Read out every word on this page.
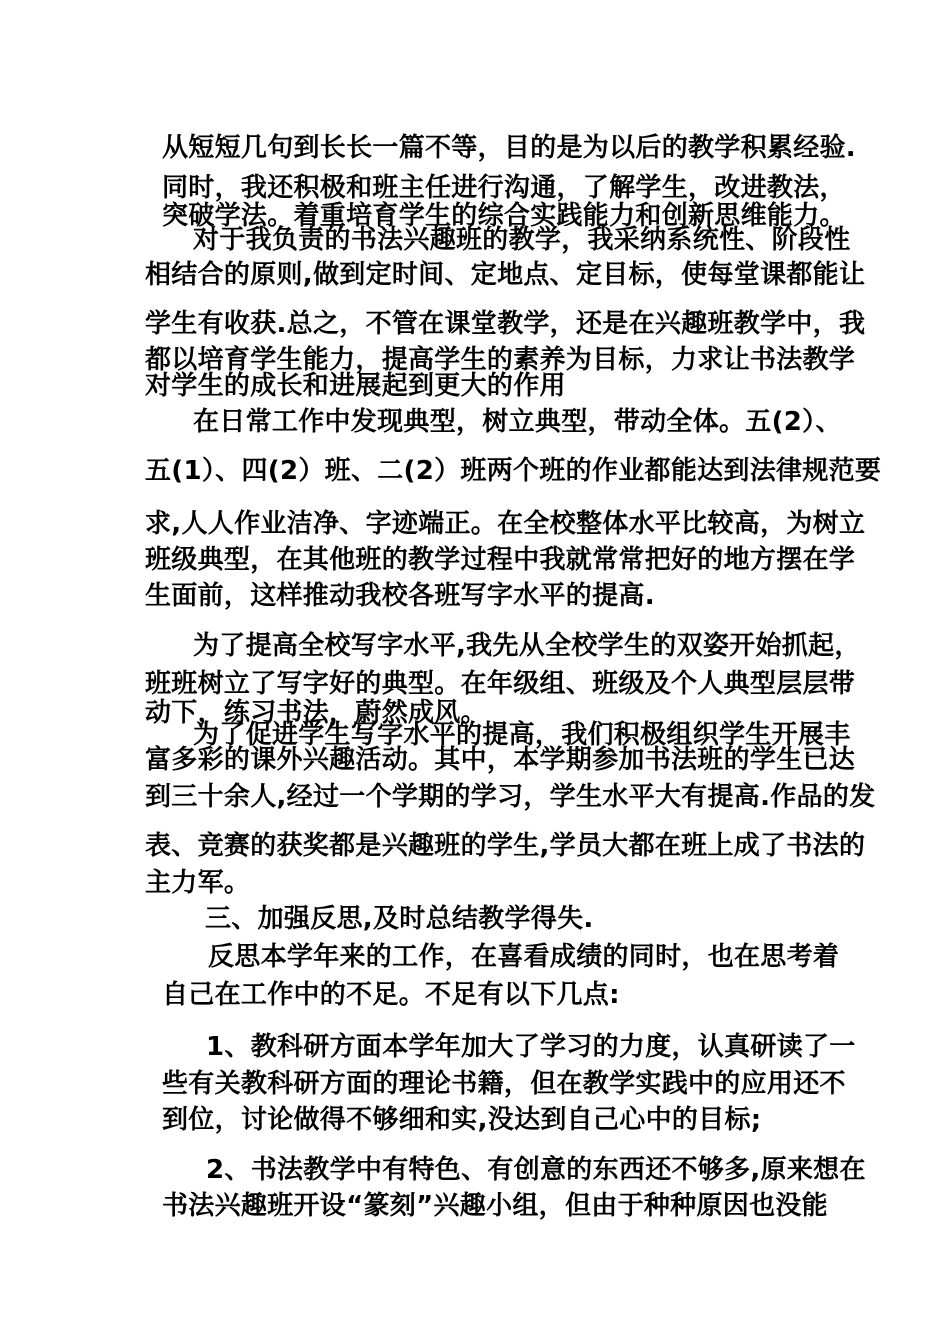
从短短几句到长长一篇不等，目的是为以后的教学积累经验.
同时，我还积极和班主任进行沟通，了解学生，改进教法，
突破学法。着重培育学生的综合实践能力和创新思维能力。
对于我负责的书法兴趣班的教学，我采纳系统性、阶段性
相结合的原则,做到定时间、定地点、定目标，使每堂课都能让
学生有收获.总之，不管在课堂教学，还是在兴趣班教学中，我
都以培育学生能力，提高学生的素养为目标，力求让书法教学
对学生的成长和进展起到更大的作用
在日常工作中发现典型，树立典型，带动全体。五(2）、
五(1）、四(2）班、二(2）班两个班的作业都能达到法律规范要
求,人人作业洁净、字迹端正。在全校整体水平比较高，为树立
班级典型，在其他班的教学过程中我就常常把好的地方摆在学
生面前，这样推动我校各班写字水平的提高.
为了提高全校写字水平,我先从全校学生的双姿开始抓起，
班班树立了写字好的典型。在年级组、班级及个人典型层层带
动下，练习书法，蔚然成风。
为了促进学生写字水平的提高，我们积极组织学生开展丰
富多彩的课外兴趣活动。其中，本学期参加书法班的学生已达
到三十余人,经过一个学期的学习，学生水平大有提高.作品的发
表、竞赛的获奖都是兴趣班的学生,学员大都在班上成了书法的
主力军。
三、加强反思,及时总结教学得失.
反思本学年来的工作，在喜看成绩的同时，也在思考着
自己在工作中的不足。不足有以下几点:
1、教科研方面本学年加大了学习的力度，认真研读了一
些有关教科研方面的理论书籍，但在教学实践中的应用还不
到位，讨论做得不够细和实,没达到自己心中的目标;
2、书法教学中有特色、有创意的东西还不够多,原来想在
书法兴趣班开设“篆刻”兴趣小组，但由于种种原因也没能
